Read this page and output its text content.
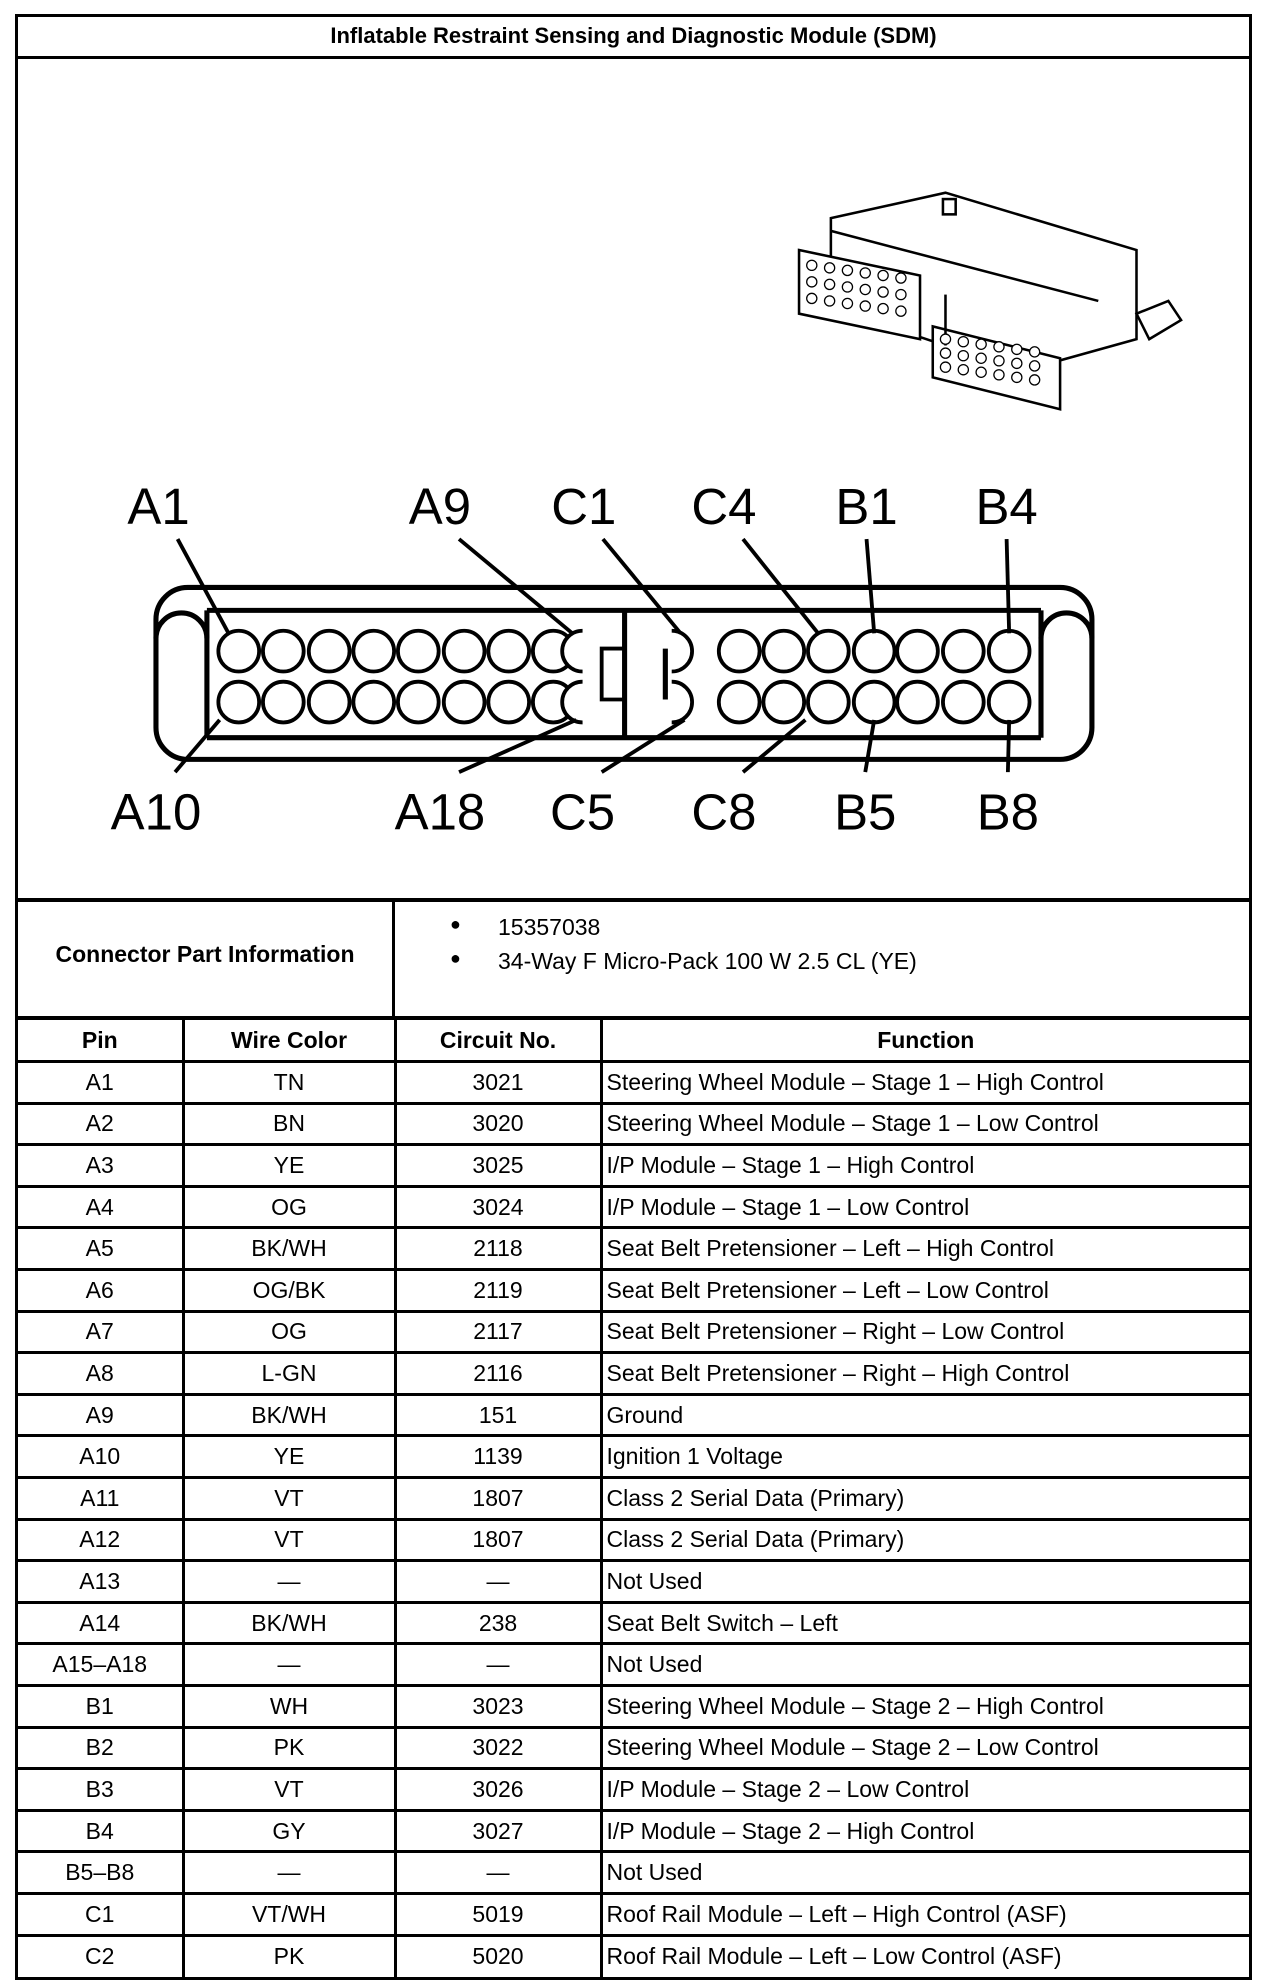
Inflatable Restraint Sensing and Diagnostic Module (SDM)
A1	A9 C1 C4 B1 B4
A10	A18 C5 C8 B5 B8
Connector Part Information
●	15357038
●	34-Way F Micro-Pack 100 W 2.5 CL (YE)
Pin	Wire Color	Circuit No.	Function
A1	TN	3021	Steering Wheel Module – Stage 1 – High Control
A2	BN	3020	Steering Wheel Module – Stage 1 – Low Control
A3	YE	3025	I/P Module – Stage 1 – High Control
A4	OG	3024	I/P Module – Stage 1 – Low Control
A5	BK/WH	2118	Seat Belt Pretensioner – Left – High Control
A6	OG/BK	2119	Seat Belt Pretensioner – Left – Low Control
A7	OG	2117	Seat Belt Pretensioner – Right – Low Control
A8	L-GN	2116	Seat Belt Pretensioner – Right – High Control
A9	BK/WH	151	Ground
A10	YE	1139	Ignition 1 Voltage
A11	VT	1807	Class 2 Serial Data (Primary)
A12	VT	1807	Class 2 Serial Data (Primary)
A13	—	—	Not Used
A14	BK/WH	238	Seat Belt Switch – Left
A15–A18	—	—	Not Used
B1	WH	3023	Steering Wheel Module – Stage 2 – High Control
B2	PK	3022	Steering Wheel Module – Stage 2 – Low Control
B3	VT	3026	I/P Module – Stage 2 – Low Control
B4	GY	3027	I/P Module – Stage 2 – High Control
B5–B8	—	—	Not Used
C1	VT/WH	5019	Roof Rail Module – Left – High Control (ASF)
C2	PK	5020	Roof Rail Module – Left – Low Control (ASF)
